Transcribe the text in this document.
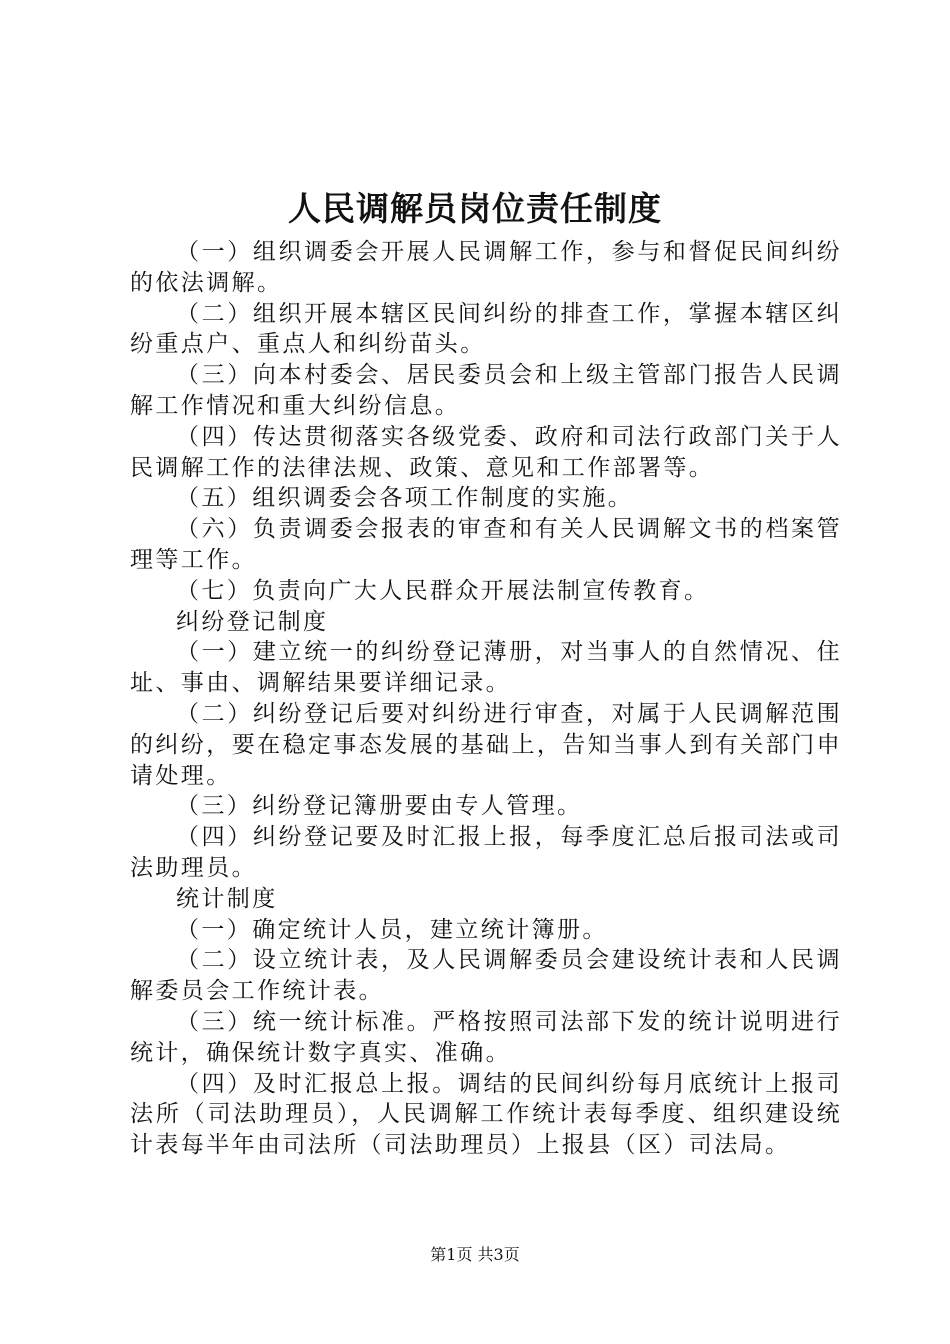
人民调解员岗位责任制度

（一）组织调委会开展人民调解工作，参与和督促民间纠纷的依法调解。

（二）组织开展本辖区民间纠纷的排查工作，掌握本辖区纠纷重点户、重点人和纠纷苗头。

（三）向本村委会、居民委员会和上级主管部门报告人民调解工作情况和重大纠纷信息。

（四）传达贯彻落实各级党委、政府和司法行政部门关于人民调解工作的法律法规、政策、意见和工作部署等。

（五）组织调委会各项工作制度的实施。

（六）负责调委会报表的审查和有关人民调解文书的档案管理等工作。

（七）负责向广大人民群众开展法制宣传教育。

纠纷登记制度

（一）建立统一的纠纷登记薄册，对当事人的自然情况、住址、事由、调解结果要详细记录。

（二）纠纷登记后要对纠纷进行审查，对属于人民调解范围的纠纷，要在稳定事态发展的基础上，告知当事人到有关部门申请处理。

（三）纠纷登记簿册要由专人管理。

（四）纠纷登记要及时汇报上报，每季度汇总后报司法或司法助理员。

统计制度

（一）确定统计人员，建立统计簿册。

（二）设立统计表，及人民调解委员会建设统计表和人民调解委员会工作统计表。

（三）统一统计标准。严格按照司法部下发的统计说明进行统计，确保统计数字真实、准确。

（四）及时汇报总上报。调结的民间纠纷每月底统计上报司法所（司法助理员），人民调解工作统计表每季度、组织建设统计表每半年由司法所（司法助理员）上报县（区）司法局。

第1页 共3页
